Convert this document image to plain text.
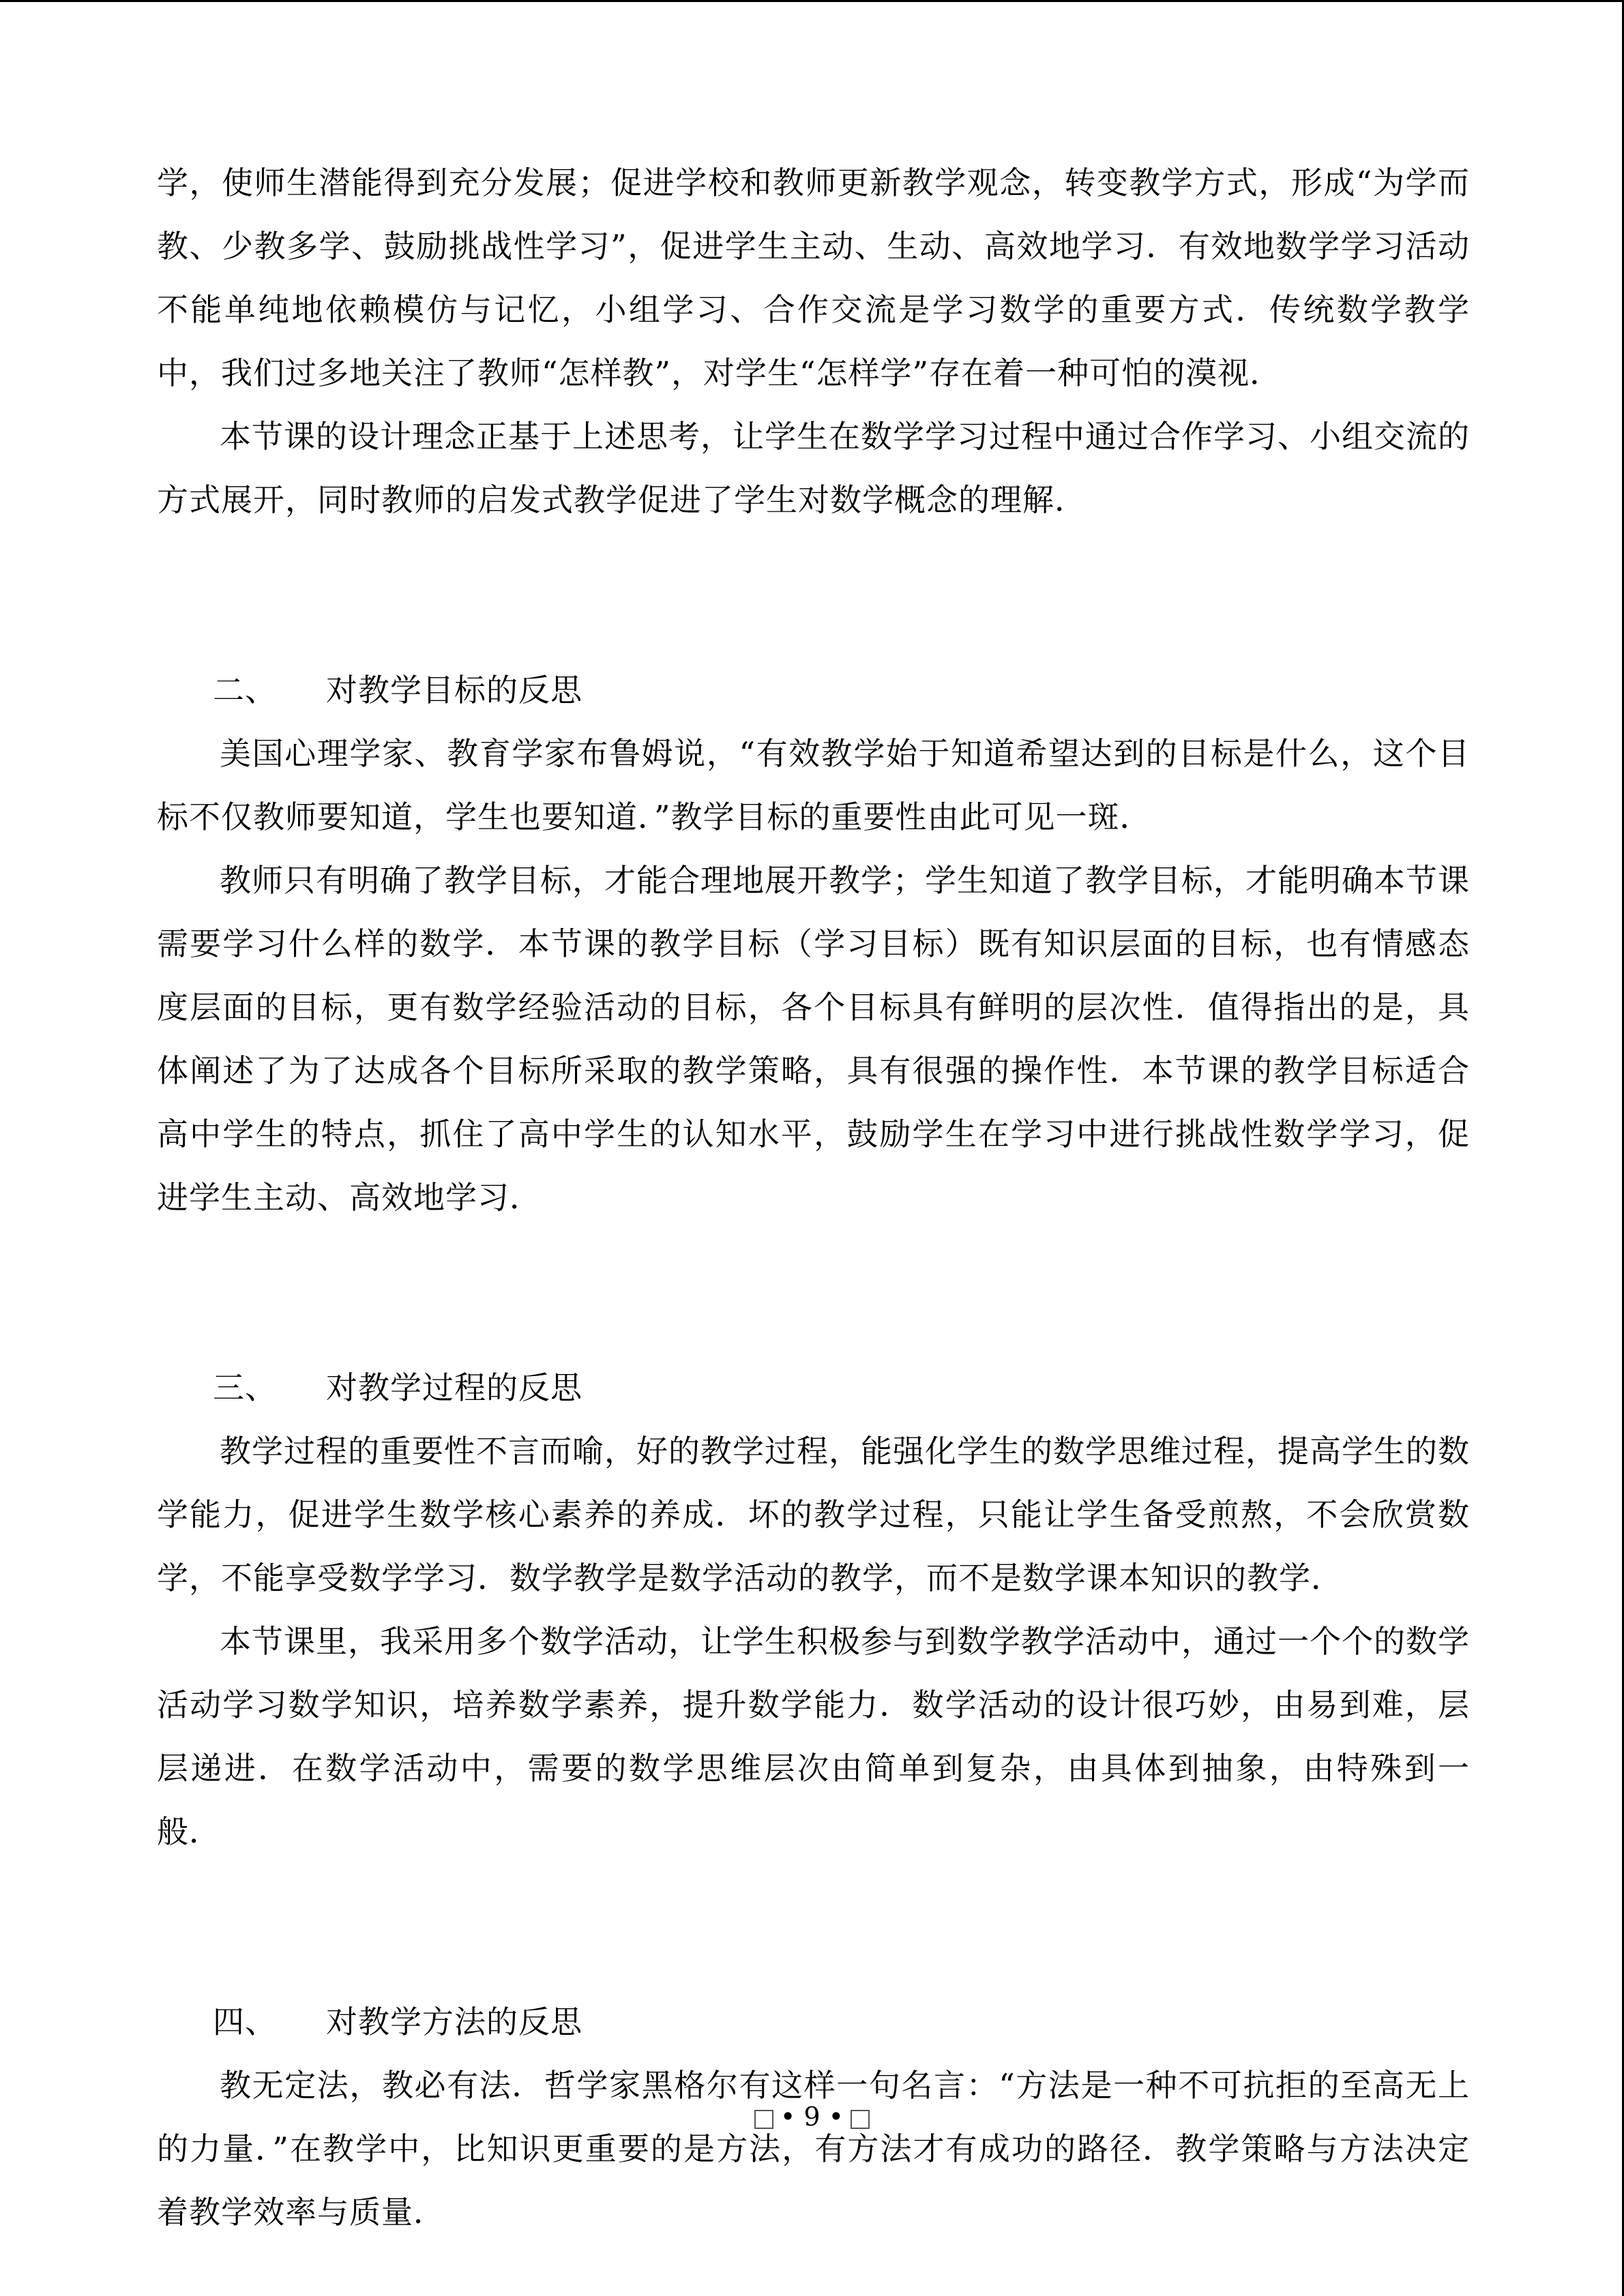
学，使师生潜能得到充分发展；促进学校和教师更新教学观念，转变教学方式，形成“为学而教、少教多学、鼓励挑战性学习”，促进学生主动、生动、高效地学习．有效地数学学习活动不能单纯地依赖模仿与记忆，小组学习、合作交流是学习数学的重要方式．传统数学教学中，我们过多地关注了教师“怎样教”，对学生“怎样学”存在着一种可怕的漠视．

本节课的设计理念正基于上述思考，让学生在数学学习过程中通过合作学习、小组交流的方式展开，同时教师的启发式教学促进了学生对数学概念的理解．

二、	对教学目标的反思

美国心理学家、教育学家布鲁姆说，“有效教学始于知道希望达到的目标是什么，这个目标不仅教师要知道，学生也要知道．”教学目标的重要性由此可见一斑．

教师只有明确了教学目标，才能合理地展开教学；学生知道了教学目标，才能明确本节课需要学习什么样的数学．本节课的教学目标（学习目标）既有知识层面的目标，也有情感态度层面的目标，更有数学经验活动的目标，各个目标具有鲜明的层次性．值得指出的是，具体阐述了为了达成各个目标所采取的教学策略，具有很强的操作性．本节课的教学目标适合高中学生的特点，抓住了高中学生的认知水平，鼓励学生在学习中进行挑战性数学学习，促进学生主动、高效地学习．

三、	对教学过程的反思

教学过程的重要性不言而喻，好的教学过程，能强化学生的数学思维过程，提高学生的数学能力，促进学生数学核心素养的养成．坏的教学过程，只能让学生备受煎熬，不会欣赏数学，不能享受数学学习．数学教学是数学活动的教学，而不是数学课本知识的教学．

本节课里，我采用多个数学活动，让学生积极参与到数学教学活动中，通过一个个的数学活动学习数学知识，培养数学素养，提升数学能力．数学活动的设计很巧妙，由易到难，层层递进．在数学活动中，需要的数学思维层次由简单到复杂，由具体到抽象，由特殊到一般．

四、	对教学方法的反思

教无定法，教必有法．哲学家黑格尔有这样一句名言：“方法是一种不可抗拒的至高无上的力量．”在教学中，比知识更重要的是方法，有方法才有成功的路径．教学策略与方法决定着教学效率与质量．

• 9 •
